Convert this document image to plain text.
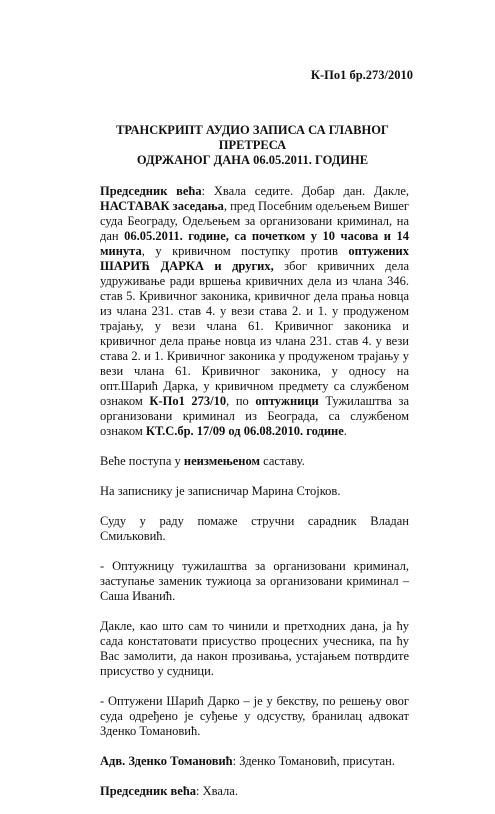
К-По1 бр.273/2010
ТРАНСКРИПТ АУДИО ЗАПИСА СА ГЛАВНОГ ПРЕТРЕСА
ОДРЖАНОГ ДАНА 06.05.2011. ГОДИНЕ

Председник већа: Хвала седите. Добар дан. Дакле, НАСТАВАК заседања, пред Посебним одељењем Вишег суда Београду, Одељењем за организовани криминал, на дан 06.05.2011. године, са почетком у 10 часова и 14 минута, у кривичном поступку против оптужених ШАРИЋ ДАРКА и других, због кривичних дела удруживање ради вршења кривичних дела из члана 346. став 5. Кривичног законика, кривичног дела прања новца из члана 231. став 4. у вези става 2. и 1. у продуженом трајању, у вези члана 61. Кривичног законика и кривичног дела прање новца из члана 231. став 4. у вези става 2. и 1. Кривичног законика у продуженом трајању у вези члана 61. Кривичног законика, у односу на опт.Шарић Дарка, у кривичном предмету са службеном ознаком К-По1 273/10, по оптужници Тужилаштва за организовани криминал из Београда, са службеном ознаком КТ.С.бр. 17/09 од 06.08.2010. године.

Веће поступа у неизмењеном саставу.

На записнику је записничар Марина Стојков.

Суду у раду помаже стручни сарадник Владан Смиљковић.

- Оптужницу тужилаштва за организовани криминал, заступање заменик тужиоца за организовани криминал – Саша Ивани̇ћ.

Дакле, као што сам то чинили и претходних дана, ја ћу сада констатовати присуство процесних учесника, па ћу Вас замолити, да након прозивања, устајањем потврдите присуство у судници.

- Оптужени Шарић Дарко – је у бекству, по решењу овог суда одређено је суђење у одсуству, бранилац адвокат Зденко Томановић.

Адв. Зденко Томановић: Зденко Томановић, присутан.

Председник већа: Хвала.
